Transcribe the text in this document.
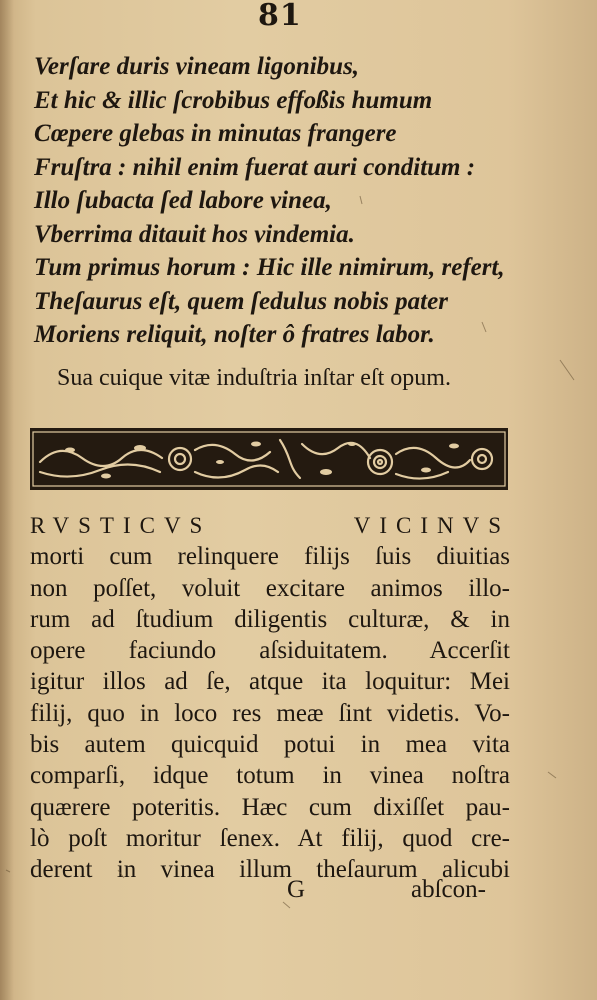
81
Verſare duris vineam ligonibus,
Et hic & illic ſcrobibus effoßis humum
Cœpere glebas in minutas frangere
Fruſtra : nihil enim fuerat auri conditum :
Illo ſubacta ſed labore vinea,
Vberrima ditauit hos vindemia.
Tum primus horum : Hic ille nimirum, refert,
Theſaurus eſt, quem ſedulus nobis pater
Moriens reliquit, noſter ô fratres labor.
Sua cuique vitæ induſtria inſtar eſt opum.
RVSTICVS VICINVS
morti cum relinquere filijs ſuis diuitias
non poſſet, voluit excitare animos illo-
rum ad ſtudium diligentis culturæ, & in
opere faciundo aſsiduitatem. Accerſit
igitur illos ad ſe, atque ita loquitur: Mei
filij, quo in loco res meæ ſint videtis. Vo-
bis autem quicquid potui in mea vita
comparſi, idque totum in vinea noſtra
quærere poteritis. Hæc cum dixiſſet pau-
lò poſt moritur ſenex. At filij, quod cre-
derent in vinea illum theſaurum alicubi
G	abſcon-
